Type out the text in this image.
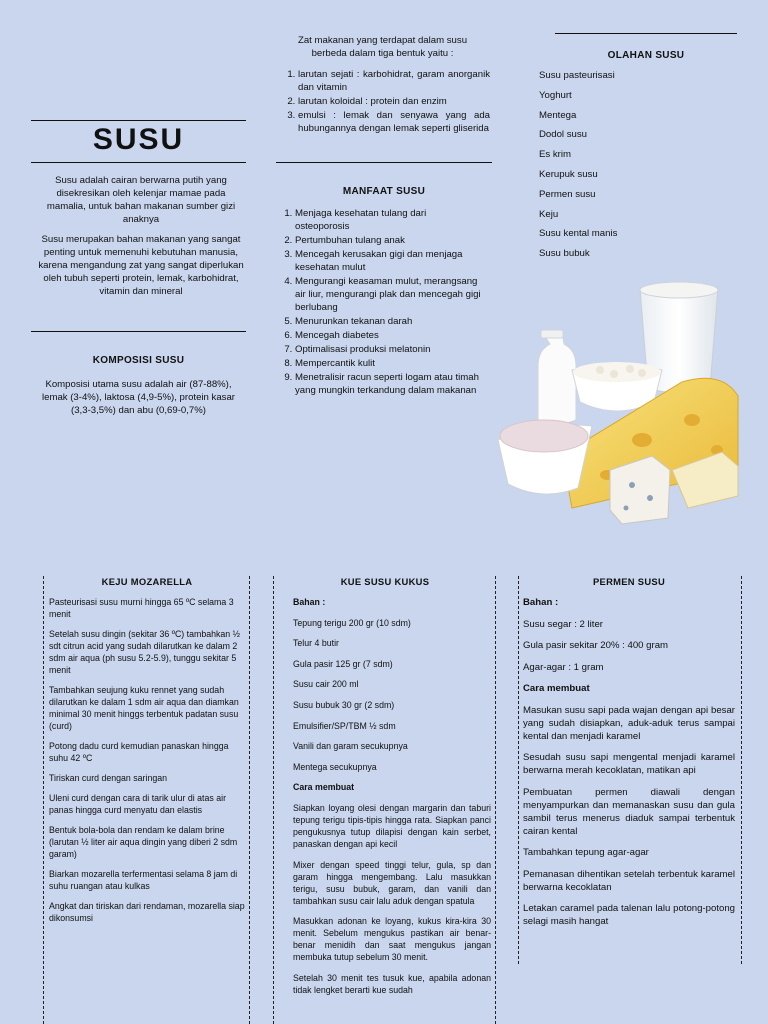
SUSU

Susu adalah cairan berwarna putih yang disekresikan oleh kelenjar mamae pada mamalia, untuk bahan makanan sumber gizi anaknya

Susu merupakan bahan makanan yang sangat penting untuk memenuhi kebutuhan manusia, karena mengandung zat yang sangat diperlukan oleh tubuh seperti protein, lemak, karbohidrat, vitamin dan mineral

KOMPOSISI SUSU
Komposisi utama susu adalah air (87-88%), lemak (3-4%), laktosa (4,9-5%), protein kasar (3,3-3,5%) dan abu (0,69-0,7%)
Zat makanan yang terdapat dalam susu berbeda dalam tiga bentuk yaitu :
1. larutan sejati : karbohidrat, garam anorganik dan vitamin
2. larutan koloidal : protein dan enzim
3. emulsi : lemak dan senyawa yang ada hubungannya dengan lemak seperti gliserida
MANFAAT SUSU
1. Menjaga kesehatan tulang dari osteoporosis
2. Pertumbuhan tulang anak
3. Mencegah kerusakan gigi dan menjaga kesehatan mulut
4. Mengurangi keasaman mulut, merangsang air liur, mengurangi plak dan mencegah gigi berlubang
5. Menurunkan tekanan darah
6. Mencegah diabetes
7. Optimalisasi produksi melatonin
8. Mempercantik kulit
9. Menetralisir racun seperti logam atau timah yang mungkin terkandung dalam makanan
OLAHAN SUSU
Susu pasteurisasi
Yoghurt
Mentega
Dodol susu
Es krim
Kerupuk susu
Permen susu
Keju
Susu kental manis
Susu bubuk
KEJU MOZARELLA

Pasteurisasi susu murni hingga 65 ºC selama 3 menit

Setelah susu dingin (sekitar 36 ºC) tambahkan ½ sdt citrun acid yang sudah dilarutkan ke dalam 2 sdm air aqua (ph susu 5.2-5.9), tunggu sekitar 5 menit

Tambahkan seujung kuku rennet yang sudah dilarutkan ke dalam 1 sdm air aqua dan diamkan minimal 30 menit hinggs terbentuk padatan susu (curd)

Potong dadu curd kemudian panaskan hingga suhu 42 ºC

Tiriskan curd dengan saringan

Uleni curd dengan cara di tarik ulur di atas air panas hingga curd menyatu dan elastis

Bentuk bola-bola dan rendam ke dalam brine (larutan ½ liter air aqua dingin yang diberi 2 sdm garam)

Biarkan mozarella terfermentasi selama 8 jam di suhu ruangan atau kulkas

Angkat dan tiriskan dari rendaman, mozarella siap dikonsumsi

KUE SUSU KUKUS

Bahan :

Tepung terigu 200 gr (10 sdm)

Telur 4 butir

Gula pasir 125 gr (7 sdm)

Susu cair 200 ml

Susu bubuk 30 gr (2 sdm)

Emulsifier/SP/TBM ½ sdm

Vanili dan garam secukupnya

Mentega secukupnya

Cara membuat

Siapkan loyang olesi dengan margarin dan taburi tepung terigu tipis-tipis hingga rata. Siapkan panci pengukusnya tutup dilapisi dengan kain serbet, panaskan dengan api kecil

Mixer dengan speed tinggi telur, gula, sp dan garam hingga mengembang. Lalu masukkan terigu, susu bubuk, garam, dan vanili dan tambahkan susu cair lalu aduk dengan spatula

Masukkan adonan ke loyang, kukus kira-kira 30 menit. Sebelum mengukus pastikan air benar-benar menidih dan saat mengukus jangan membuka tutup sebelum 30 menit.

Setelah 30 menit tes tusuk kue, apabila adonan tidak lengket berarti kue sudah

PERMEN SUSU

Bahan :

Susu segar : 2 liter

Gula pasir sekitar 20% : 400 gram

Agar-agar : 1 gram

Cara membuat

Masukan susu sapi pada wajan dengan api besar yang sudah disiapkan, aduk-aduk terus sampai kental dan menjadi karamel

Sesudah susu sapi mengental menjadi karamel berwarna merah kecoklatan, matikan api

Pembuatan permen diawali dengan menyampurkan dan memanaskan susu dan gula sambil terus menerus diaduk sampai terbentuk cairan kental

Tambahkan tepung agar-agar

Pemanasan dihentikan setelah terbentuk karamel berwarna kecoklatan

Letakan caramel pada talenan lalu potong-potong selagi masih hangat
